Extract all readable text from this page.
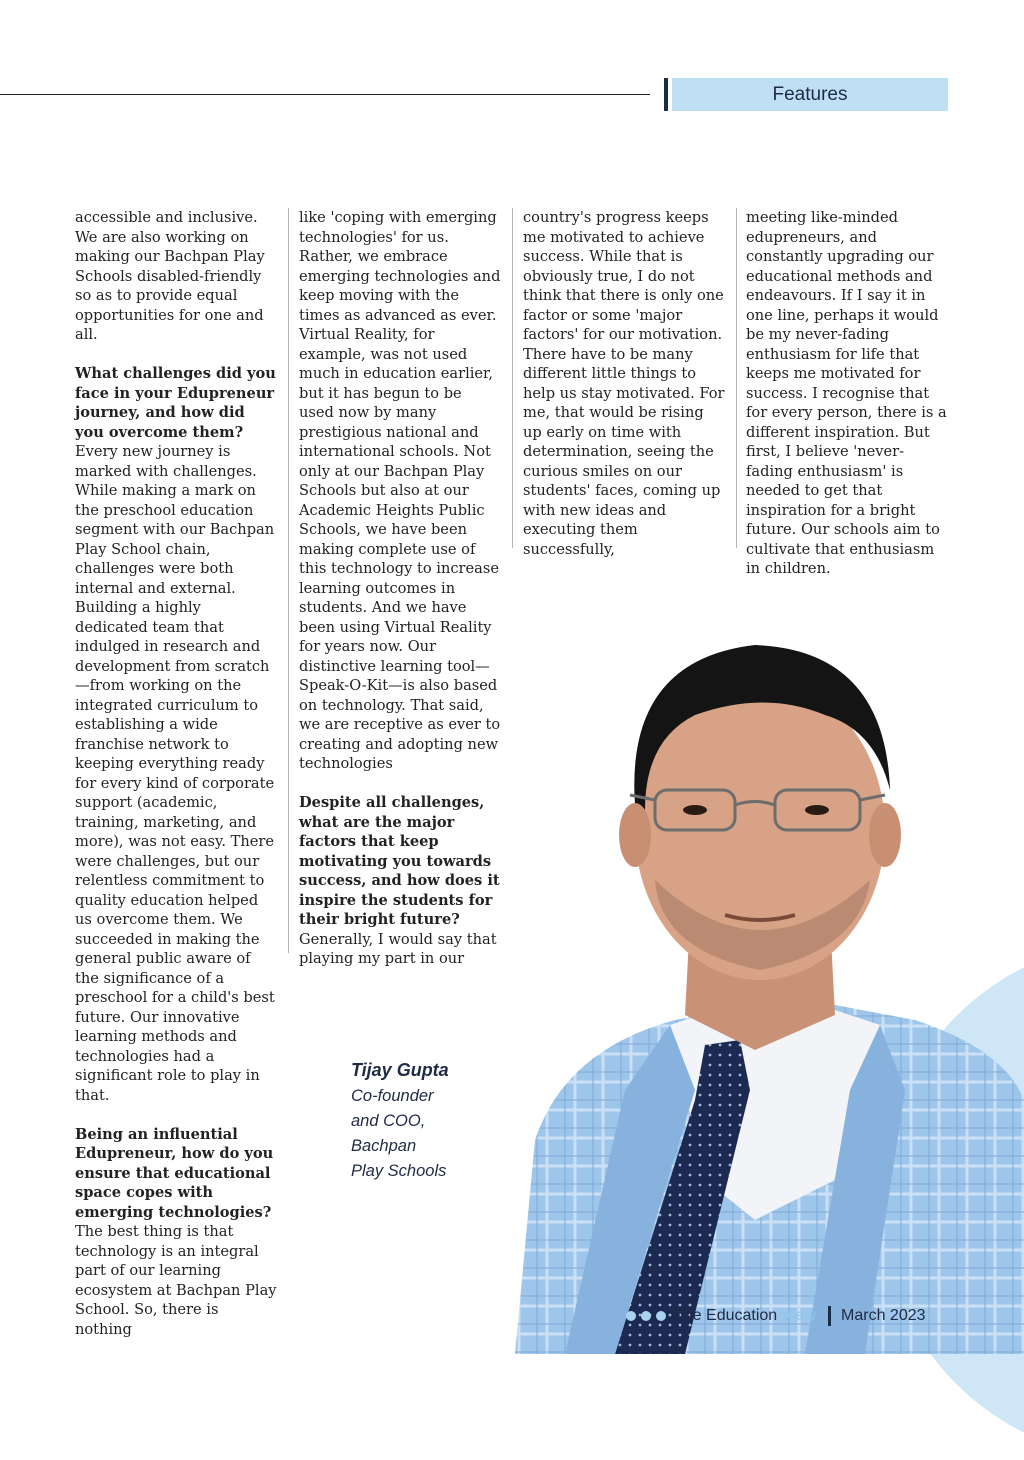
Features

accessible and inclusive. We are also working on making our Bachpan Play Schools disabled-friendly so as to provide equal opportunities for one and all.

What challenges did you face in your Edupreneur journey, and how did you overcome them?
Every new journey is marked with challenges. While making a mark on the preschool education segment with our Bachpan Play School chain, challenges were both internal and external. Building a highly dedicated team that indulged in research and development from scratch—from working on the integrated curriculum to establishing a wide franchise network to keeping everything ready for every kind of corporate support (academic, training, marketing, and more), was not easy. There were challenges, but our relentless commitment to quality education helped us overcome them. We succeeded in making the general public aware of the significance of a preschool for a child's best future. Our innovative learning methods and technologies had a significant role to play in that.

Being an influential Edupreneur, how do you ensure that educational space copes with emerging technologies?
The best thing is that technology is an integral part of our learning ecosystem at Bachpan Play School. So, there is nothing

like 'coping with emerging technologies' for us. Rather, we embrace emerging technologies and keep moving with the times as advanced as ever. Virtual Reality, for example, was not used much in education earlier, but it has begun to be used now by many prestigious national and international schools. Not only at our Bachpan Play Schools but also at our Academic Heights Public Schools, we have been making complete use of this technology to increase learning outcomes in students. And we have been using Virtual Reality for years now. Our distinctive learning tool—Speak-O-Kit—is also based on technology. That said, we are receptive as ever to creating and adopting new technologies

Despite all challenges, what are the major factors that keep motivating you towards success, and how does it inspire the students for their bright future?
Generally, I would say that playing my part in our

country's progress keeps me motivated to achieve success. While that is obviously true, I do not think that there is only one factor or some 'major factors' for our motivation. There have to be many different little things to help us stay motivated. For me, that would be rising up early on time with determination, seeing the curious smiles on our students' faces, coming up with new ideas and executing them successfully,

meeting like-minded edupreneurs, and constantly upgrading our educational methods and endeavours. If I say it in one line, perhaps it would be my never-fading enthusiasm for life that keeps me motivated for success. I recognise that for every person, there is a different inspiration. But first, I believe 'never-fading enthusiasm' is needed to get that inspiration for a bright future. Our schools aim to cultivate that enthusiasm in children.

Tijay Gupta
Co-founder
and COO,
Bachpan
Play Schools
The Education View March 2023
